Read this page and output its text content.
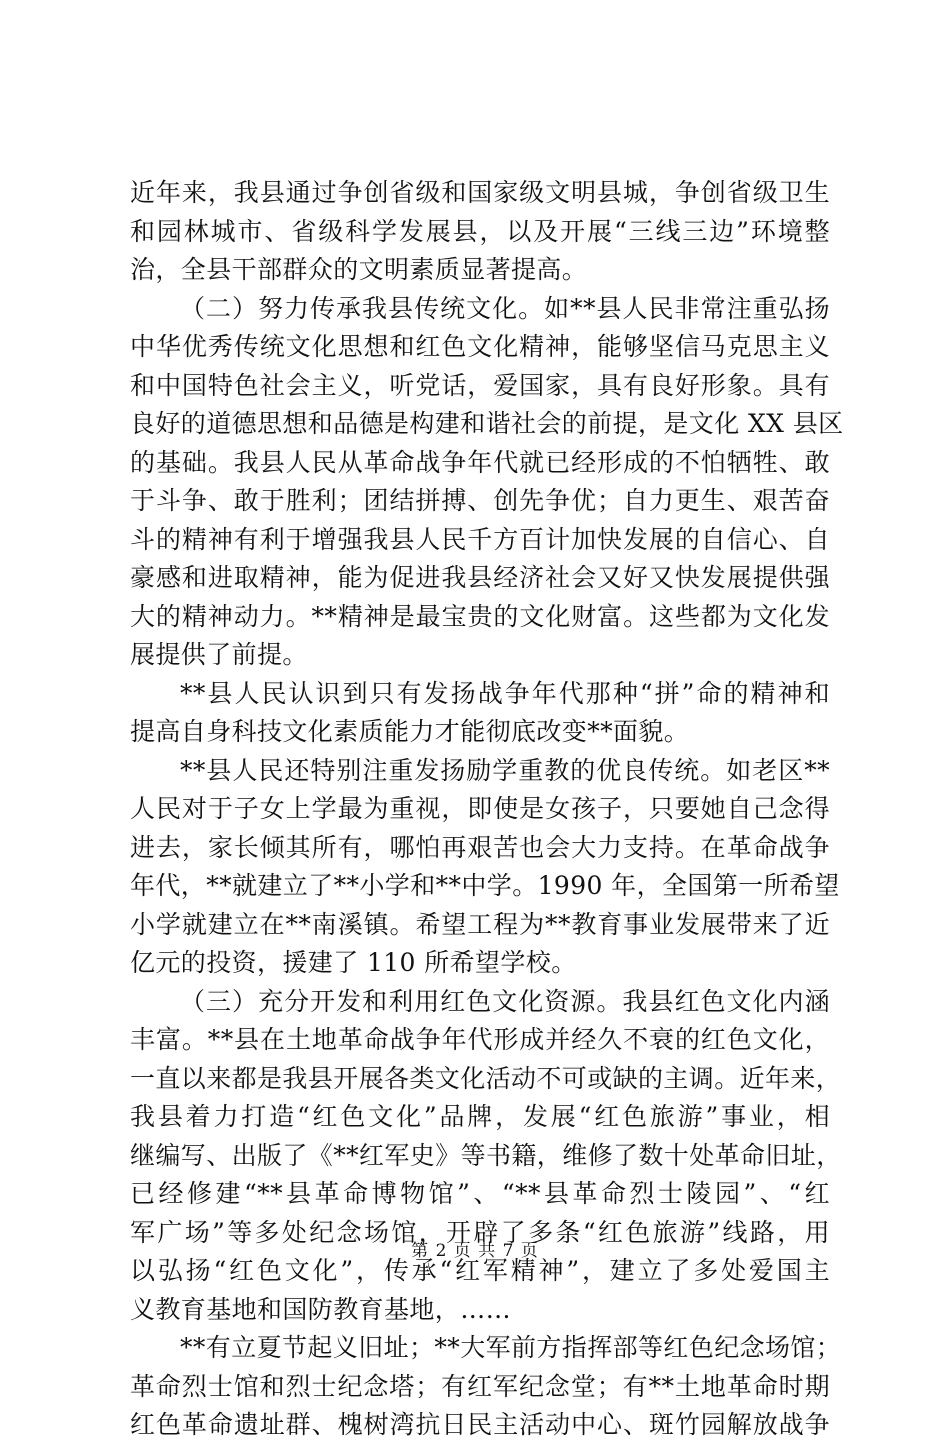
近年来，我县通过争创省级和国家级文明县城，争创省级卫生
和园林城市、省级科学发展县，以及开展“三线三边”环境整
治，全县干部群众的文明素质显著提高。
（二）努力传承我县传统文化。如**县人民非常注重弘扬
中华优秀传统文化思想和红色文化精神，能够坚信马克思主义
和中国特色社会主义，听党话，爱国家，具有良好形象。具有
良好的道德思想和品德是构建和谐社会的前提，是文化 XX 县区
的基础。我县人民从革命战争年代就已经形成的不怕牺牲、敢
于斗争、敢于胜利；团结拼搏、创先争优；自力更生、艰苦奋
斗的精神有利于增强我县人民千方百计加快发展的自信心、自
豪感和进取精神，能为促进我县经济社会又好又快发展提供强
大的精神动力。**精神是最宝贵的文化财富。这些都为文化发
展提供了前提。
**县人民认识到只有发扬战争年代那种“拼”命的精神和
提高自身科技文化素质能力才能彻底改变**面貌。
**县人民还特别注重发扬励学重教的优良传统。如老区**
人民对于子女上学最为重视，即使是女孩子，只要她自己念得
进去，家长倾其所有，哪怕再艰苦也会大力支持。在革命战争
年代，**就建立了**小学和**中学。1990 年，全国第一所希望
小学就建立在**南溪镇。希望工程为**教育事业发展带来了近
亿元的投资，援建了 110 所希望学校。
（三）充分开发和利用红色文化资源。我县红色文化内涵
丰富。**县在土地革命战争年代形成并经久不衰的红色文化，
一直以来都是我县开展各类文化活动不可或缺的主调。近年来，
我县着力打造“红色文化”品牌，发展“红色旅游”事业，相
继编写、出版了《**红军史》等书籍，维修了数十处革命旧址，
已经修建“**县革命博物馆”、“**县革命烈士陵园”、“红
军广场”等多处纪念场馆，开辟了多条“红色旅游”线路，用
以弘扬“红色文化”，传承“红军精神”，建立了多处爱国主
义教育基地和国防教育基地，……
**有立夏节起义旧址；**大军前方指挥部等红色纪念场馆；
革命烈士馆和烈士纪念塔；有红军纪念堂；有**土地革命时期
红色革命遗址群、槐树湾抗日民主活动中心、斑竹园解放战争
第 2 页 共 7 页
